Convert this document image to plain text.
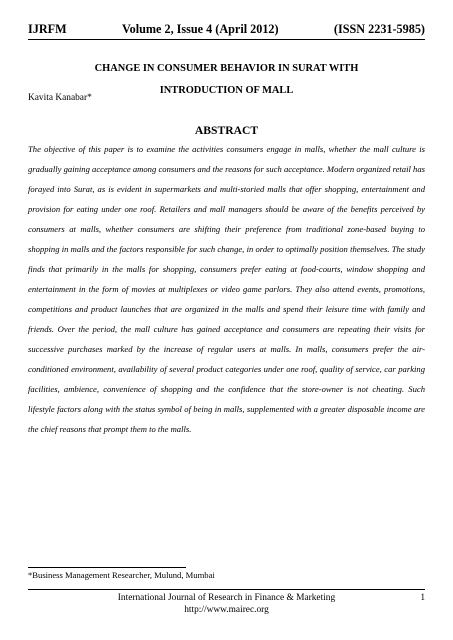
IJRFM	Volume 2, Issue 4 (April 2012)	(ISSN 2231-5985)
CHANGE IN CONSUMER BEHAVIOR IN SURAT WITH
INTRODUCTION OF MALL
Kavita Kanabar*
ABSTRACT

The objective of this paper is to examine the activities consumers engage in malls, whether the mall culture is gradually gaining acceptance among consumers and the reasons for such acceptance. Modern organized retail has forayed into Surat, as is evident in supermarkets and multi-storied malls that offer shopping, entertainment and provision for eating under one roof. Retailers and mall managers should be aware of the benefits perceived by consumers at malls, whether consumers are shifting their preference from traditional zone-based buying to shopping in malls and the factors responsible for such change, in order to optimally position themselves. The study finds that primarily in the malls for shopping, consumers prefer eating at food-courts, window shopping and entertainment in the form of movies at multiplexes or video game parlors. They also attend events, promotions, competitions and product launches that are organized in the malls and spend their leisure time with family and friends. Over the period, the mall culture has gained acceptance and consumers are repeating their visits for successive purchases marked by the increase of regular users at malls. In malls, consumers prefer the air-conditioned environment, availability of several product categories under one roof, quality of service, car parking facilities, ambience, convenience of shopping and the confidence that the store-owner is not cheating. Such lifestyle factors along with the status symbol of being in malls, supplemented with a greater disposable income are the chief reasons that prompt them to the malls.

*Business Management Researcher, Mulund, Mumbai
International Journal of Research in Finance & Marketing
http://www.mairec.org
1
